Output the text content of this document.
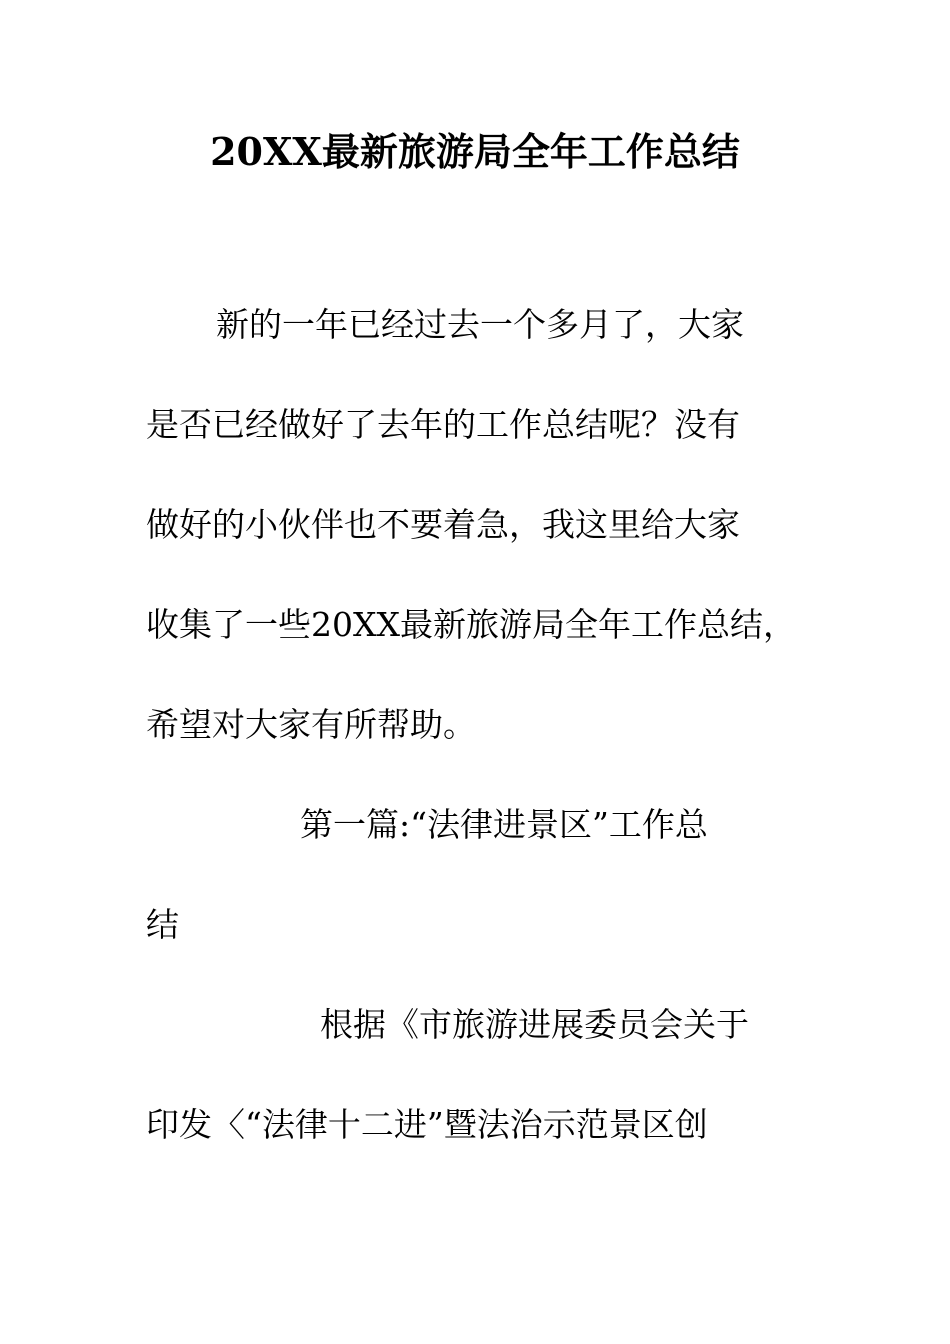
20XX最新旅游局全年工作总结
新的一年已经过去一个多月了，大家
是否已经做好了去年的工作总结呢？没有
做好的小伙伴也不要着急，我这里给大家
收集了一些20XX最新旅游局全年工作总结，
希望对大家有所帮助。
第一篇:“法律进景区”工作总
结
根据《市旅游进展委员会关于
印发〈“法律十二进”暨法治示范景区创
